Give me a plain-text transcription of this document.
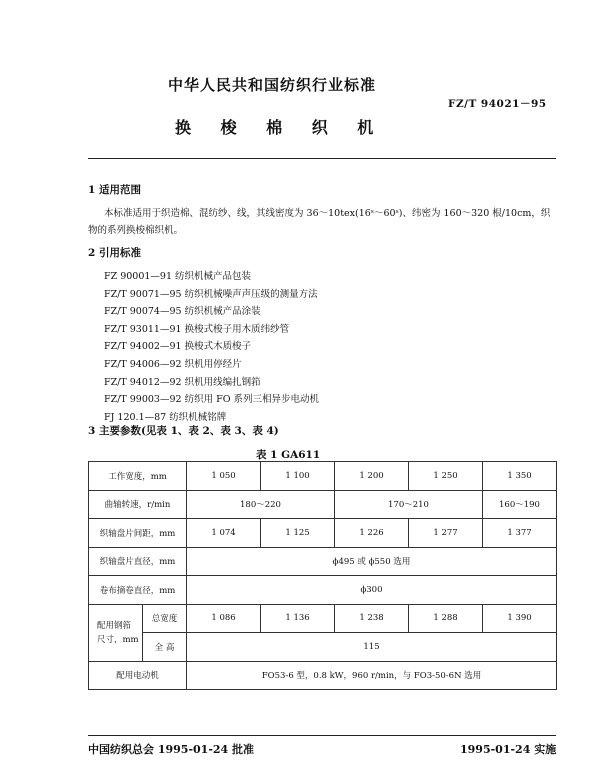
中华人民共和国纺织行业标准
FZ/T 94021－95
换 梭 棉 织 机
1 适用范围
本标准适用于织造棉、混纺纱、线，其线密度为 36～10tex(16ˢ～60ˢ)、纬密为 160～320 根/10cm，织
物的系列换梭棉织机。
2 引用标准
FZ 90001—91 纺织机械产品包装
FZ/T 90071—95 纺织机械噪声声压级的测量方法
FZ/T 90074—95 纺织机械产品涂装
FZ/T 93011—91 换梭式梭子用木质纬纱管
FZ/T 94002—91 换梭式木质梭子
FZ/T 94006—92 织机用停经片
FZ/T 94012—92 织机用线编扎钢筘
FZ/T 99003—92 纺织用 FO 系列三相异步电动机
FJ 120.1—87 纺织机械铭牌
3 主要参数(见表 1、表 2、表 3、表 4)
表 1 GA611
工作宽度，mm		1 050	1 100	1 200	1 250	1 350
曲轴转速，r/min		180～220		170～210		160～190
织轴盘片间距，mm		1 074	1 125	1 226	1 277	1 377
织轴盘片直径，mm		ϕ495 或 ϕ550 选用				
卷布摘卷直径，mm		ϕ300				

配用钢筘
尺寸，mm	总宽度	1 086	1 136	1 238	1 288	1 390
	全 高	115				
配用电动机		FO53-6 型，0.8 kW，960 r/min，与 FO3-50-6N 选用				
中国纺织总会 1995-01-24 批准	1995-01-24 实施
